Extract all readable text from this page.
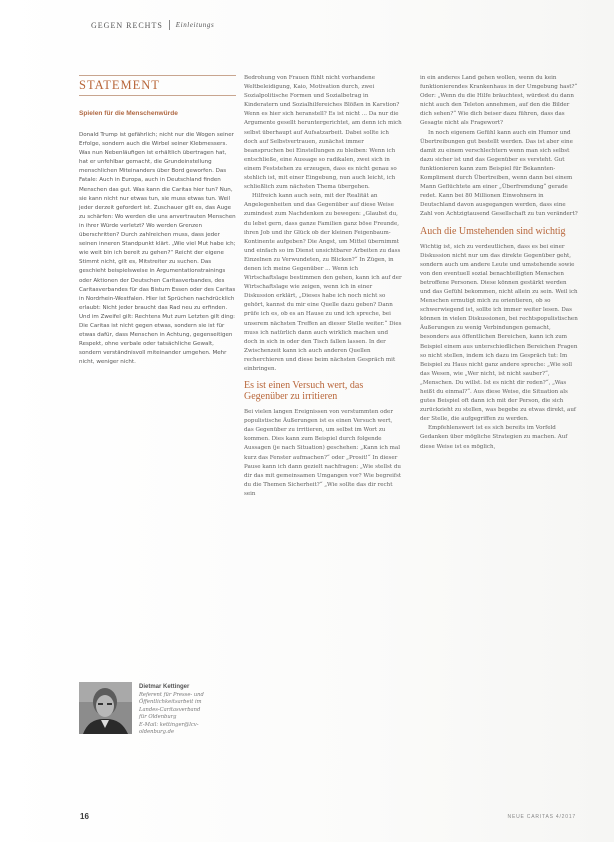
GEGEN RECHTS Einleitungs
STATEMENT
Spielen für die Menschenwürde

Donald Trump ist gefährlich; nicht nur die Wogen seiner Erfolge, sondern auch die Wirbel seiner Klebmessers. Was nun Nebenläufigen ist erhältlich übertragen hat, hat er unfehlbar gemacht, die Grundeinstellung menschlichen Miteinanders über Bord geworfen. Das Fatale: Auch in Europa, auch in Deutschland finden Menschen das gut. Was kann die Caritas hier tun? Nun, sie kann nicht nur etwas tun, sie muss etwas tun. Weil jeder derzeit gefordert ist. Zuschauer gilt es, das Auge zu schärfen: Wo werden die uns anvertrauten Menschen in ihrer Würde verletzt? Wo werden Grenzen überschritten? Durch zahlreichen muss, dass jeder seinen inneren Standpunkt klärt. „Wie viel Mut habe ich; wie weit bin ich bereit zu gehen?“ Reicht der eigene Stimmt nicht, gilt es, Mitstreiter zu suchen. Das geschieht beispielsweise in Argumentationstrainings oder Aktionen der Deutschen Caritasverbandes, des Caritasverbandes für das Bistum Essen oder des Caritas in Nordrhein-Westfalen. Hier ist Sprüchen nachdrücklich erlaubt: Nicht jeder braucht das Rad neu zu erfinden. Und im Zweifel gilt: Rechtens Mut zum Letzten gilt ding: Die Caritas ist nicht gegen etwas, sondern sie ist für etwas dafür, dass Menschen in Achtung, gegenseitigen Respekt, ohne verbale oder tatsächliche Gewalt, sondern verständnisvoll miteinander umgehen. Mehr nicht, weniger nicht.

Dietmar Kettinger
Referent für Presse- und
Öffentlichkeitsarbeit im
Landes-Caritasverband
für Oldenburg
E-Mail: kettinger@lcv-
oldenburg.de

Bedrohung von Frauen fühlt nicht vorhandene Weltbeleidigung, Kaio, Motivation durch, zwei Sozialpolitische Formen und Sozialbetrag in Kinderatern und Sozialhilfereiches Blößen in Karstion? Wenn es hier sich heranstell? Es ist nicht ... Da nur die Argumente gesellt heruntergerichtet, am denn ich mich selbst überhaupt auf Aufsatzarbeit. Dabei sollte ich doch auf Selbstvertrauen, zunächst immer beanspruchen bei Einstellungen zu bleiben: Wenn ich entschließe, eine Aussage so radikalen, zwei sich in einem Feststehen zu erzeugen, dass es nicht genau so stehlich ist, mit einer Eingebung, nun auch leicht, ich schließlich zum nächsten Thema übergehen.

Hilfreich kann auch sein, mit der Realität an Angelegenheiten und das Gegenüber auf diese Weise zumindest zum Nachdenken zu bewegen: „Glaubst du, du lebst gern, dass ganze Familien ganz böse Freunde, ihren Job und ihr Glück ob der kleinen Feigenbaum-Kontinente aufgeben? Die Angst, um Mittel übernimmt und einfach so im Dienst unsichtbarer Arbeiten zu dass Einzelnen zu Verwundeten, zu Blicken?“ In Zügen, in denen ich meine Gegenüber ... Wenn ich Wirtschaftslage bestimmen den gehen, kann ich auf der Wirtschaftslage wie zeigen, wenn ich in einer Diskussion erklärt, „Dieses habe ich noch nicht so gehört, kannst du mir eine Quelle dazu geben? Dann prüfe ich es, ob es an Hause zu und ich spreche, bei unserem nächsten Treffen an dieser Stelle weiter.“ Dies muss ich natürlich dann auch wirklich machen und doch in sich in oder den Tisch fallen lassen. In der Zwischenzeit kann ich auch anderen Quellen recherchieren und diese beim nächsten Gespräch mit einbringen.

Es ist einen Versuch wert, das Gegenüber zu irritieren

Bei vielen langen Ereignissen von verstummten oder populistische Äußerungen ist es einen Versuch wert, das Gegenüber zu irritieren, um selbst im Wort zu kommen. Dies kann zum Beispiel durch folgende Aussagen (je nach Situation) geschehen: „Kann ich mal kurz das Fenster aufmachen?“ oder „Prosit!“ In dieser Pause kann ich dann gezielt nachfragen: „Wie stellst du dir das mit gemeinsamen Umgangen vor? Wie begreifst du die Themen Sicherheit?“ „Wie sollte das dir recht sein

in ein anderes Land gehen wollen, wenn du kein funktionierendes Krankenhaus in der Umgebung hast?“ Oder: „Wenn du die Hilfe bräuchtest, würdest du dann nicht auch den Teleton annehmen, auf den die Bilder dich sehen?“ Wie dich beiser dazu führen, dass das Gesagte nicht als Fragewort?

In noch eigenem Gefühl kann auch ein Humor und Übertreibungen gut bestellt werden. Das ist aber eine damit zu einem verschlechtern wenn man sich selbst dazu sicher ist und das Gegenüber es versteht. Gut funktionieren kann zum Beispiel für Bekannten-Kompliment durch Übertreiben, wenn dann bei einem Mann Geflüchtete am einer „Überfremdung“ gerade redet. Kann bei 80 Millionen Einwohnern in Deutschland davon ausgegangen werden, dass eine Zahl von Achtzigtausend Gesellschaft zu tun verändert?

Auch die Umstehenden sind wichtig

Wichtig ist, sich zu verdeutlichen, dass es bei einer Diskussion nicht nur um das direkte Gegenüber geht, sondern auch um andere Leute und umstehende sowie von den eventuell sozial benachteiligten Menschen betroffene Personen. Diese können gestärkt werden und das Gefühl bekommen, nicht allein zu sein. Weil ich Menschen ermutigt mich zu orientieren, ob so schwerwiegend ist, sollte ich immer weiter lesen. Das können in vielen Diskussionen, bei rechtspopulistischen Äußerungen zu wenig Verbindungen gemacht, besonders aus öffentlichen Bereichen, kann ich zum Beispiel einem aus unterschiedlichen Bereichen Fragen so nicht stellen, indem ich dazu im Gespräch tut: Im Beispiel zu Haus nicht ganz andere spreche: „Wie soll das Wesen, wie „Wer nicht, ist nicht sauber?“, „Menschen. Du willst. Ist es nicht dir reden?“, „Was heißt du einmal?“. Aus diese Weise, die Situation als gutes Beispiel oft dann ich mit der Person, die sich zurückzieht zu stellen, was begebe zu etwas direkt, auf der Stelle, die aufgegriffen zu werden.

Empfehlenswert ist es sich bereits im Vorfeld Gedanken über mögliche Strategien zu machen. Auf diese Weise ist es möglich,

16	NEUE CARITAS 4/2017
